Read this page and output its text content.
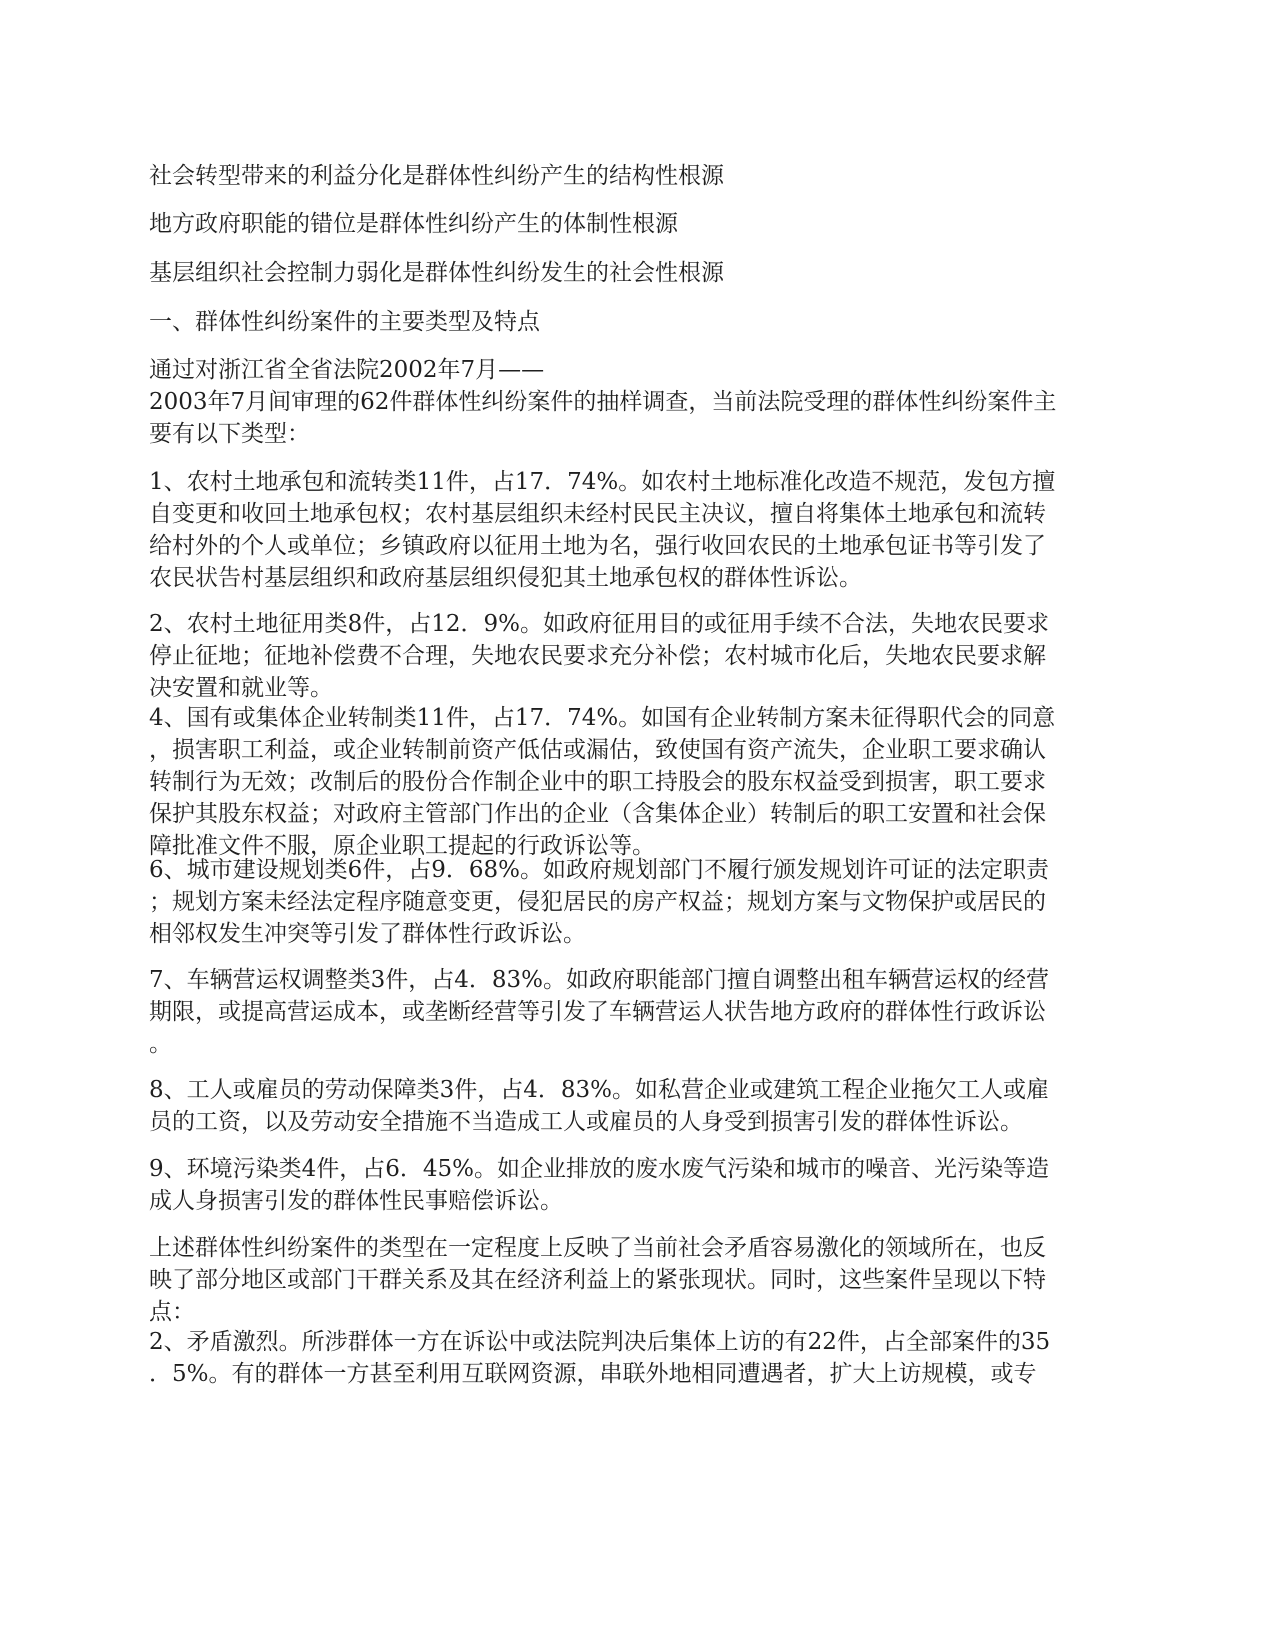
社会转型带来的利益分化是群体性纠纷产生的结构性根源

地方政府职能的错位是群体性纠纷产生的体制性根源

基层组织社会控制力弱化是群体性纠纷发生的社会性根源

一、群体性纠纷案件的主要类型及特点

通过对浙江省全省法院2002年7月——
2003年7月间审理的62件群体性纠纷案件的抽样调查，当前法院受理的群体性纠纷案件主
要有以下类型：

1、农村土地承包和流转类11件，占17．74%。如农村土地标准化改造不规范，发包方擅
自变更和收回土地承包权；农村基层组织未经村民民主决议，擅自将集体土地承包和流转
给村外的个人或单位；乡镇政府以征用土地为名，强行收回农民的土地承包证书等引发了
农民状告村基层组织和政府基层组织侵犯其土地承包权的群体性诉讼。

2、农村土地征用类8件，占12．9%。如政府征用目的或征用手续不合法，失地农民要求
停止征地；征地补偿费不合理，失地农民要求充分补偿；农村城市化后，失地农民要求解
决安置和就业等。

4、国有或集体企业转制类11件，占17．74%。如国有企业转制方案未征得职代会的同意
，损害职工利益，或企业转制前资产低估或漏估，致使国有资产流失，企业职工要求确认
转制行为无效；改制后的股份合作制企业中的职工持股会的股东权益受到损害，职工要求
保护其股东权益；对政府主管部门作出的企业（含集体企业）转制后的职工安置和社会保
障批准文件不服，原企业职工提起的行政诉讼等。

6、城市建设规划类6件，占9．68%。如政府规划部门不履行颁发规划许可证的法定职责
；规划方案未经法定程序随意变更，侵犯居民的房产权益；规划方案与文物保护或居民的
相邻权发生冲突等引发了群体性行政诉讼。

7、车辆营运权调整类3件，占4．83%。如政府职能部门擅自调整出租车辆营运权的经营
期限，或提高营运成本，或垄断经营等引发了车辆营运人状告地方政府的群体性行政诉讼
。

8、工人或雇员的劳动保障类3件，占4．83%。如私营企业或建筑工程企业拖欠工人或雇
员的工资，以及劳动安全措施不当造成工人或雇员的人身受到损害引发的群体性诉讼。

9、环境污染类4件，占6．45%。如企业排放的废水废气污染和城市的噪音、光污染等造
成人身损害引发的群体性民事赔偿诉讼。

上述群体性纠纷案件的类型在一定程度上反映了当前社会矛盾容易激化的领域所在，也反
映了部分地区或部门干群关系及其在经济利益上的紧张现状。同时，这些案件呈现以下特
点：

2、矛盾激烈。所涉群体一方在诉讼中或法院判决后集体上访的有22件，占全部案件的35
．5%。有的群体一方甚至利用互联网资源，串联外地相同遭遇者，扩大上访规模，或专
